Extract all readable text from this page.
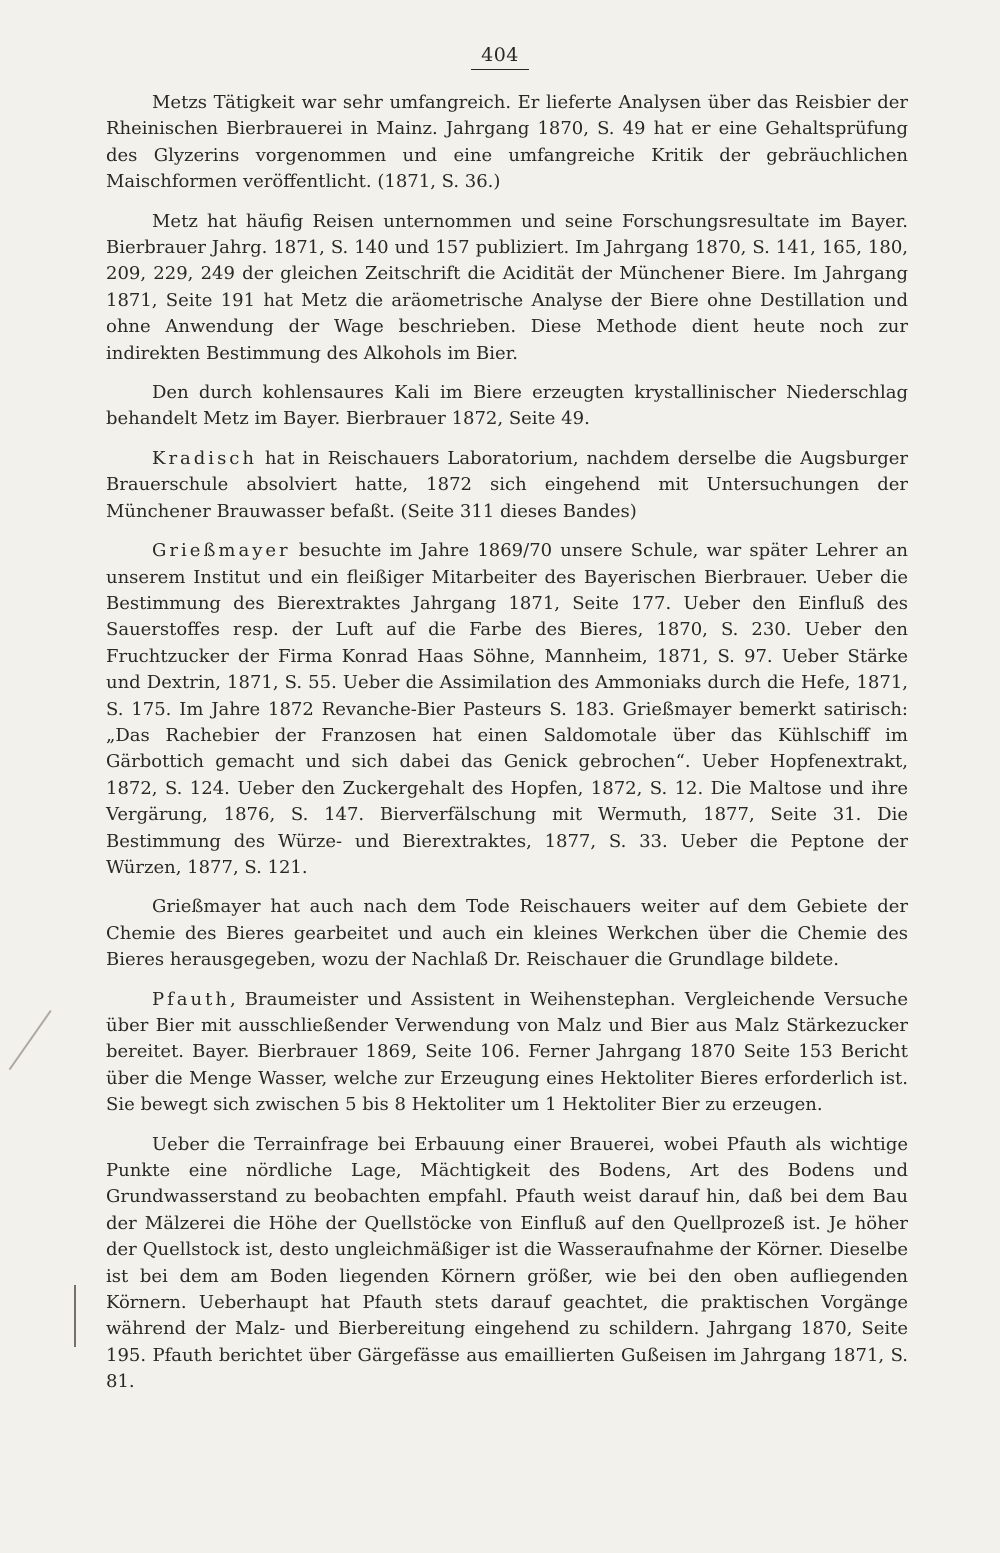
404

Metzs Tätigkeit war sehr umfangreich. Er lieferte Analysen über das Reisbier der Rheinischen Bierbrauerei in Mainz. Jahrgang 1870, S. 49 hat er eine Gehaltsprüfung des Glyzerins vorgenommen und eine umfangreiche Kritik der gebräuchlichen Maischformen veröffentlicht. (1871, S. 36.)

Metz hat häufig Reisen unternommen und seine Forschungsresultate im Bayer. Bierbrauer Jahrg. 1871, S. 140 und 157 publiziert. Im Jahrgang 1870, S. 141, 165, 180, 209, 229, 249 der gleichen Zeitschrift die Acidität der Münchener Biere. Im Jahrgang 1871, Seite 191 hat Metz die aräometrische Analyse der Biere ohne Destillation und ohne Anwendung der Wage beschrieben. Diese Methode dient heute noch zur indirekten Bestimmung des Alkohols im Bier.

Den durch kohlensaures Kali im Biere erzeugten krystallinischer Niederschlag behandelt Metz im Bayer. Bierbrauer 1872, Seite 49.

Kradisch hat in Reischauers Laboratorium, nachdem derselbe die Augsburger Brauerschule absolviert hatte, 1872 sich eingehend mit Untersuchungen der Münchener Brauwasser befaßt. (Seite 311 dieses Bandes)

Grießmayer besuchte im Jahre 1869/70 unsere Schule, war später Lehrer an unserem Institut und ein fleißiger Mitarbeiter des Bayerischen Bierbrauer. Ueber die Bestimmung des Bierextraktes Jahrgang 1871, Seite 177. Ueber den Einfluß des Sauerstoffes resp. der Luft auf die Farbe des Bieres, 1870, S. 230. Ueber den Fruchtzucker der Firma Konrad Haas Söhne, Mannheim, 1871, S. 97. Ueber Stärke und Dextrin, 1871, S. 55. Ueber die Assimilation des Ammoniaks durch die Hefe, 1871, S. 175. Im Jahre 1872 Revanche-Bier Pasteurs S. 183. Grießmayer bemerkt satirisch: „Das Rachebier der Franzosen hat einen Saldomotale über das Kühlschiff im Gärbottich gemacht und sich dabei das Genick gebrochen“. Ueber Hopfenextrakt, 1872, S. 124. Ueber den Zuckergehalt des Hopfen, 1872, S. 12. Die Maltose und ihre Vergärung, 1876, S. 147. Bierverfälschung mit Wermuth, 1877, Seite 31. Die Bestimmung des Würze- und Bierextraktes, 1877, S. 33. Ueber die Peptone der Würzen, 1877, S. 121.

Grießmayer hat auch nach dem Tode Reischauers weiter auf dem Gebiete der Chemie des Bieres gearbeitet und auch ein kleines Werkchen über die Chemie des Bieres herausgegeben, wozu der Nachlaß Dr. Reischauer die Grundlage bildete.

Pfauth, Braumeister und Assistent in Weihenstephan. Vergleichende Versuche über Bier mit ausschließender Verwendung von Malz und Bier aus Malz Stärkezucker bereitet. Bayer. Bierbrauer 1869, Seite 106. Ferner Jahrgang 1870 Seite 153 Bericht über die Menge Wasser, welche zur Erzeugung eines Hektoliter Bieres erforderlich ist. Sie bewegt sich zwischen 5 bis 8 Hektoliter um 1 Hektoliter Bier zu erzeugen.

Ueber die Terrainfrage bei Erbauung einer Brauerei, wobei Pfauth als wichtige Punkte eine nördliche Lage, Mächtigkeit des Bodens, Art des Bodens und Grundwasserstand zu beobachten empfahl. Pfauth weist darauf hin, daß bei dem Bau der Mälzerei die Höhe der Quellstöcke von Einfluß auf den Quellprozeß ist. Je höher der Quellstock ist, desto ungleichmäßiger ist die Wasseraufnahme der Körner. Dieselbe ist bei dem am Boden liegenden Körnern größer, wie bei den oben aufliegenden Körnern. Ueberhaupt hat Pfauth stets darauf geachtet, die praktischen Vorgänge während der Malz- und Bierbereitung eingehend zu schildern. Jahrgang 1870, Seite 195. Pfauth berichtet über Gärgefässe aus emaillierten Gußeisen im Jahrgang 1871, S. 81.
